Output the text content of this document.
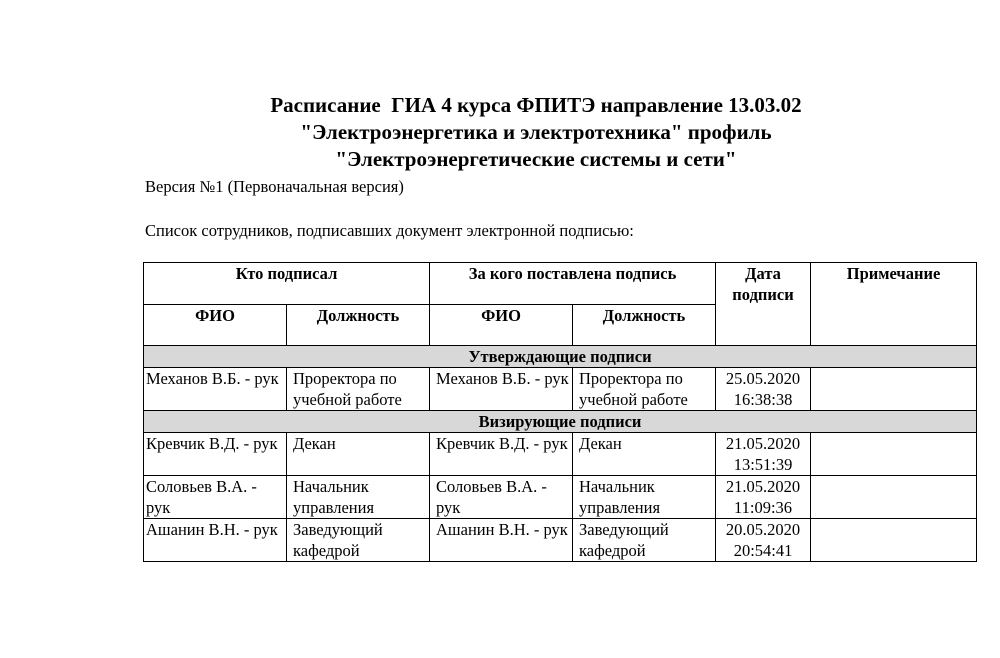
Расписание  ГИА 4 курса ФПИТЭ направление 13.03.02
"Электроэнергетика и электротехника" профиль
"Электроэнергетические системы и сети"
Версия №1 (Первоначальная версия)
Список сотрудников, подписавших документ электронной подписью:
Кто подписал		За кого поставлена подпись		Дата подписи	Примечание
ФИО	Должность	ФИО	Должность		
Утверждающие подписи					
Механов В.Б. - рук	Проректора по учебной работе	Механов В.Б. - рук	Проректора по учебной работе	25.05.2020 16:38:38	
Визирующие подписи					
Кревчик В.Д. - рук	Декан	Кревчик В.Д. - рук	Декан	21.05.2020 13:51:39	
Соловьев В.А. - рук	Начальник управления	Соловьев В.А. - рук	Начальник управления	21.05.2020 11:09:36	
Ашанин В.Н. - рук	Заведующий кафедрой	Ашанин В.Н. - рук	Заведующий кафедрой	20.05.2020 20:54:41	
